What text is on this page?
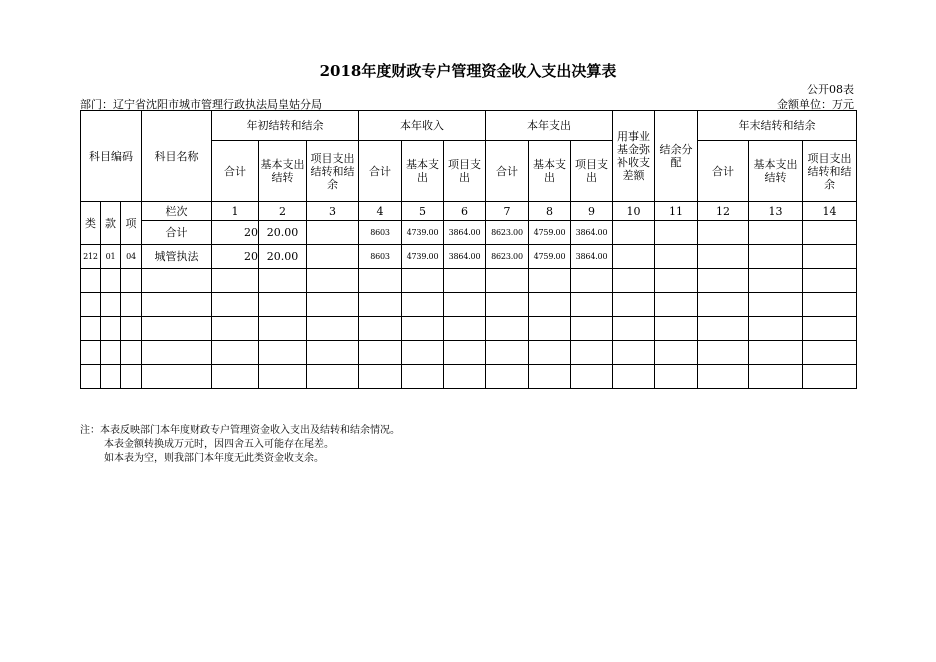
2018年度财政专户管理资金收入支出决算表
公开08表
部门：辽宁省沈阳市城市管理行政执法局皇姑分局	金额单位：万元
科目编码			科目名称	年初结转和结余			本年收入			本年支出			用事业基金弥补收支差额	结余分配	年末结转和结余		
				合计	基本支出结转	项目支出结转和结余	合计	基本支出	项目支出	合计	基本支出	项目支出			合计	基本支出结转	项目支出结转和结余

类	款	项	栏次	1	2	3	4	5	6	7	8	9	10	11	12	13	14
			合计	20	20.00		8603	4739.00	3864.00	8623.00	4759.00	3864.00					
212	01	04	城管执法	20	20.00		8603	4739.00	3864.00	8623.00	4759.00	3864.00					

注：本表反映部门本年度财政专户管理资金收入支出及结转和结余情况。
本表金额转换成万元时，因四舍五入可能存在尾差。
如本表为空，则我部门本年度无此类资金收支余。
